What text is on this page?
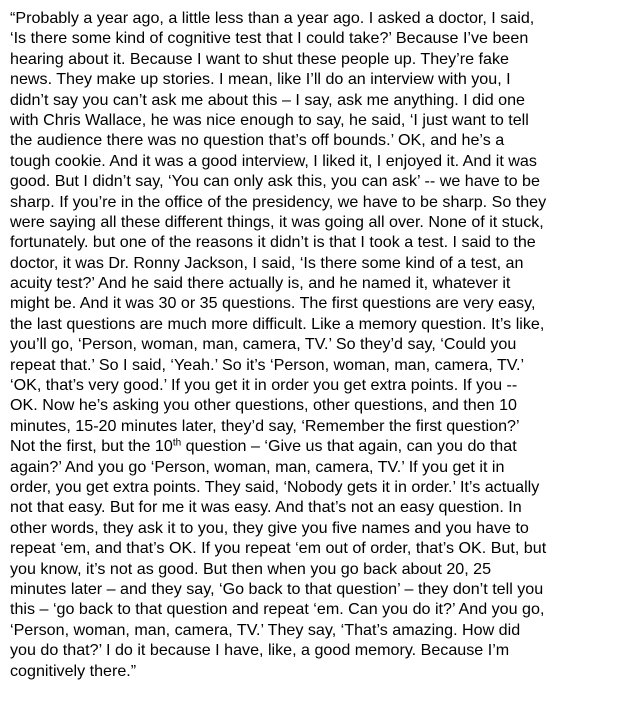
“Probably a year ago, a little less than a year ago. I asked a doctor, I said,
‘Is there some kind of cognitive test that I could take?’ Because I’ve been
hearing about it. Because I want to shut these people up. They’re fake
news. They make up stories. I mean, like I’ll do an interview with you, I
didn’t say you can’t ask me about this – I say, ask me anything. I did one
with Chris Wallace, he was nice enough to say, he said, ‘I just want to tell
the audience there was no question that’s off bounds.’ OK, and he’s a
tough cookie. And it was a good interview, I liked it, I enjoyed it. And it was
good. But I didn’t say, ‘You can only ask this, you can ask’ -- we have to be
sharp. If you’re in the office of the presidency, we have to be sharp. So they
were saying all these different things, it was going all over. None of it stuck,
fortunately. but one of the reasons it didn’t is that I took a test. I said to the
doctor, it was Dr. Ronny Jackson, I said, ‘Is there some kind of a test, an
acuity test?’ And he said there actually is, and he named it, whatever it
might be. And it was 30 or 35 questions. The first questions are very easy,
the last questions are much more difficult. Like a memory question. It’s like,
you’ll go, ‘Person, woman, man, camera, TV.’ So they’d say, ‘Could you
repeat that.’ So I said, ‘Yeah.’ So it’s ‘Person, woman, man, camera, TV.’
‘OK, that’s very good.’ If you get it in order you get extra points. If you --
OK. Now he’s asking you other questions, other questions, and then 10
minutes, 15-20 minutes later, they’d say, ‘Remember the first question?’
Not the first, but the 10th question – ‘Give us that again, can you do that
again?’ And you go ‘Person, woman, man, camera, TV.’ If you get it in
order, you get extra points. They said, ‘Nobody gets it in order.’ It’s actually
not that easy. But for me it was easy. And that’s not an easy question. In
other words, they ask it to you, they give you five names and you have to
repeat ‘em, and that’s OK. If you repeat ‘em out of order, that’s OK. But, but
you know, it’s not as good. But then when you go back about 20, 25
minutes later – and they say, ‘Go back to that question’ – they don’t tell you
this – ‘go back to that question and repeat ‘em. Can you do it?’ And you go,
‘Person, woman, man, camera, TV.’ They say, ‘That’s amazing. How did
you do that?’ I do it because I have, like, a good memory. Because I’m
cognitively there.”
